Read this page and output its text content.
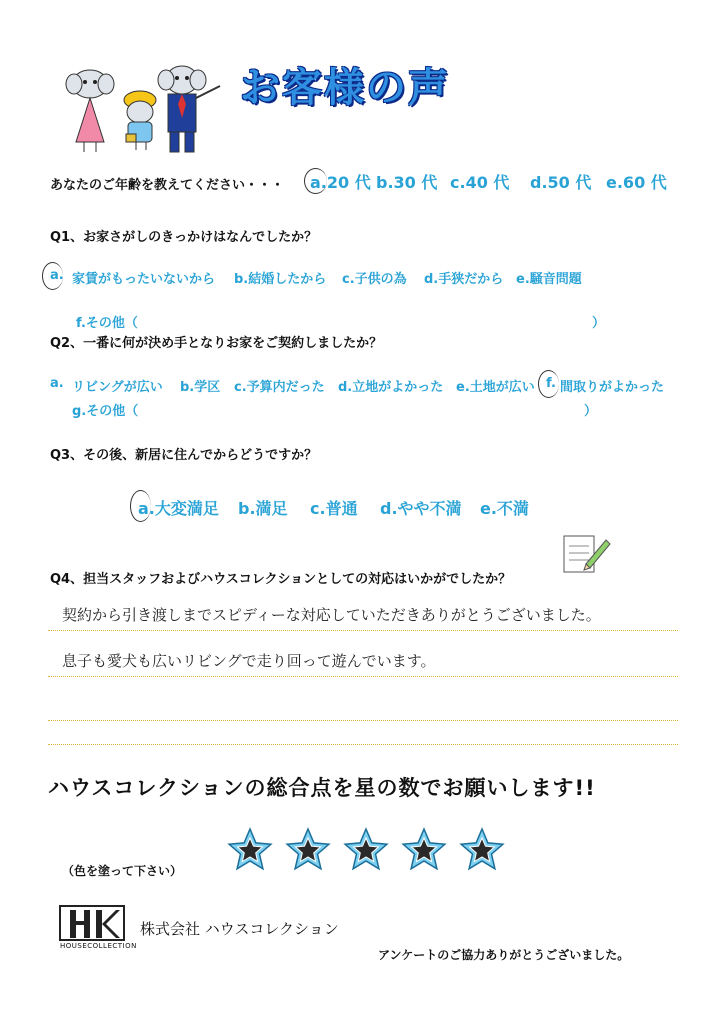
お客様の声
あなたのご年齢を教えてください・・・ a.20 代 b.30 代 c.40 代 d.50 代 e.60 代
Q1、お家さがしのきっかけはなんでしたか？
a. 家賃がもったいないから b.結婚したから c.子供の為 d.手狭だから e.騒音問題
f.その他（	）
Q2、一番に何が決め手となりお家をご契約しましたか？
a. リビングが広い b.学区 c.予算内だった d.立地がよかった e.土地が広い f. 間取りがよかった
g.その他（	）
Q3、その後、新居に住んでからどうですか？
a.大変満足 b.満足 c.普通 d.やや不満 e.不満
Q4、担当スタッフおよびハウスコレクションとしての対応はいかがでしたか？
契約から引き渡しまでスピディーな対応していただきありがとうございました。
息子も愛犬も広いリビングで走り回って遊んでいます。
ハウスコレクションの総合点を星の数でお願いします!!
（色を塗って下さい）
HOUSECOLLECTION
株式会社 ハウスコレクション
アンケートのご協力ありがとうございました。
